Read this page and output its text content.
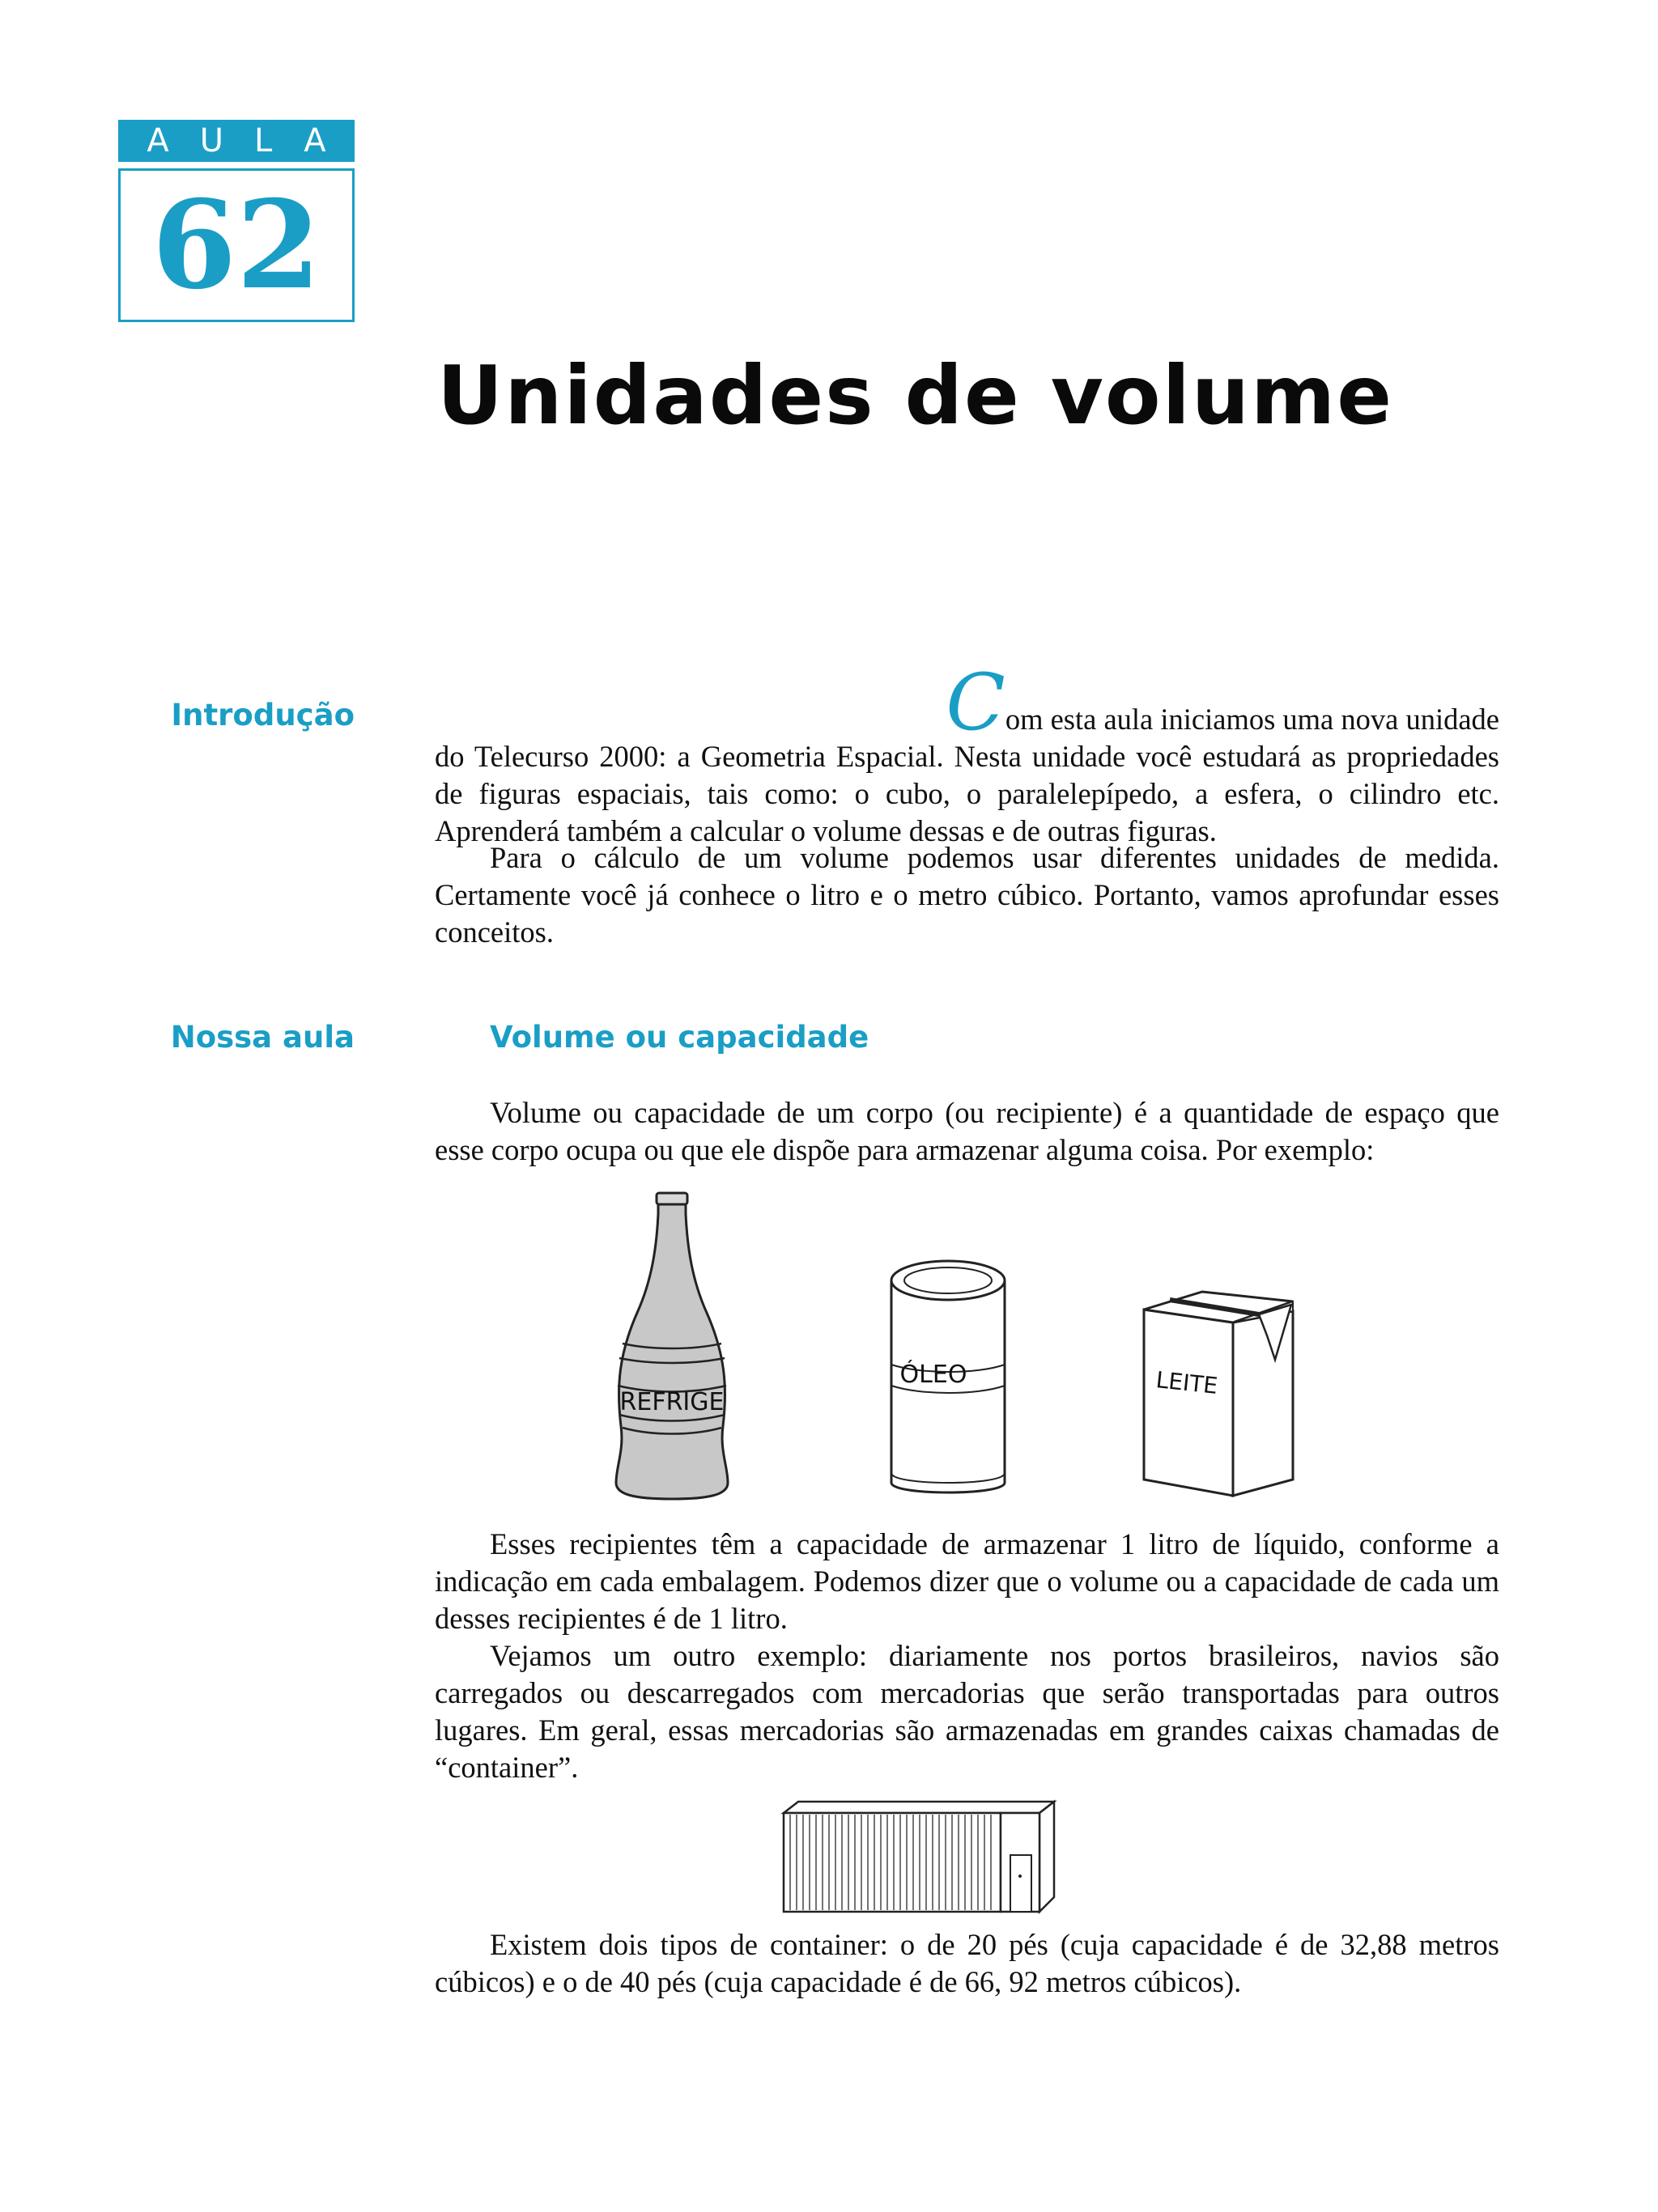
AULA
62
Unidades de volume
Introdução
Nossa aula

Com esta aula iniciamos uma nova unidade
do Telecurso 2000: a Geometria Espacial. Nesta unidade você estudará as propriedades de figuras espaciais, tais como: o cubo, o paralelepípedo, a esfera, o cilindro etc. Aprenderá também a calcular o volume dessas e de outras figuras.

Para o cálculo de um volume podemos usar diferentes unidades de medida. Certamente você já conhece o litro e o metro cúbico. Portanto, vamos aprofundar esses conceitos.

Volume ou capacidade

Volume ou capacidade de um corpo (ou recipiente) é a quantidade de espaço que esse corpo ocupa ou que ele dispõe para armazenar alguma coisa. Por exemplo:

REFRIGE
ÓLEO	LEITE

Esses recipientes têm a capacidade de armazenar 1 litro de líquido, conforme a indicação em cada embalagem. Podemos dizer que o volume ou a capacidade de cada um desses recipientes é de 1 litro.

Vejamos um outro exemplo: diariamente nos portos brasileiros, navios são carregados ou descarregados com mercadorias que serão transportadas para outros lugares. Em geral, essas mercadorias são armazenadas em grandes caixas chamadas de “container”.

Existem dois tipos de container: o de 20 pés (cuja capacidade é de 32,88 metros cúbicos) e o de 40 pés (cuja capacidade é de 66, 92 metros cúbicos).
